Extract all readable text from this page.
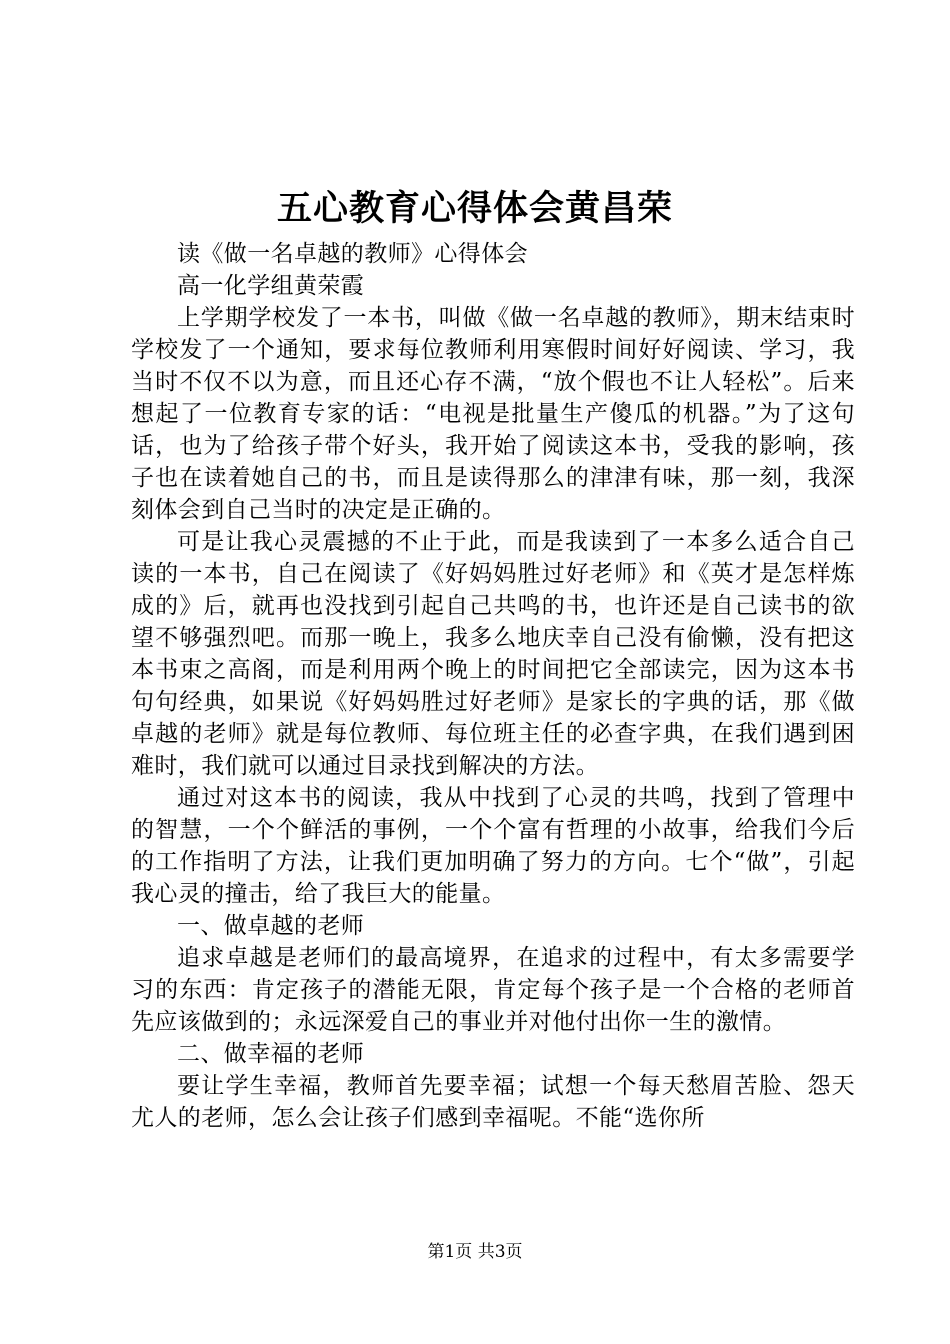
五心教育心得体会黄昌荣

读《做一名卓越的教师》心得体会

高一化学组黄荣霞

上学期学校发了一本书，叫做《做一名卓越的教师》，期末结束时学校发了一个通知，要求每位教师利用寒假时间好好阅读、学习，我当时不仅不以为意，而且还心存不满，“放个假也不让人轻松”。后来想起了一位教育专家的话：“电视是批量生产傻瓜的机器。”为了这句话，也为了给孩子带个好头，我开始了阅读这本书，受我的影响，孩子也在读着她自己的书，而且是读得那么的津津有味，那一刻，我深刻体会到自己当时的决定是正确的。

可是让我心灵震撼的不止于此，而是我读到了一本多么适合自己读的一本书，自己在阅读了《好妈妈胜过好老师》和《英才是怎样炼成的》后，就再也没找到引起自己共鸣的书，也许还是自己读书的欲望不够强烈吧。而那一晚上，我多么地庆幸自己没有偷懒，没有把这本书束之高阁，而是利用两个晚上的时间把它全部读完，因为这本书句句经典，如果说《好妈妈胜过好老师》是家长的字典的话，那《做卓越的老师》就是每位教师、每位班主任的必查字典，在我们遇到困难时，我们就可以通过目录找到解决的方法。

通过对这本书的阅读，我从中找到了心灵的共鸣，找到了管理中的智慧，一个个鲜活的事例，一个个富有哲理的小故事，给我们今后的工作指明了方法，让我们更加明确了努力的方向。七个“做”，引起我心灵的撞击，给了我巨大的能量。

一、做卓越的老师

追求卓越是老师们的最高境界，在追求的过程中，有太多需要学习的东西：肯定孩子的潜能无限，肯定每个孩子是一个合格的老师首先应该做到的；永远深爱自己的事业并对他付出你一生的激情。

二、做幸福的老师

要让学生幸福，教师首先要幸福；试想一个每天愁眉苦脸、怨天尤人的老师，怎么会让孩子们感到幸福呢。不能“选你所

第1页 共3页
